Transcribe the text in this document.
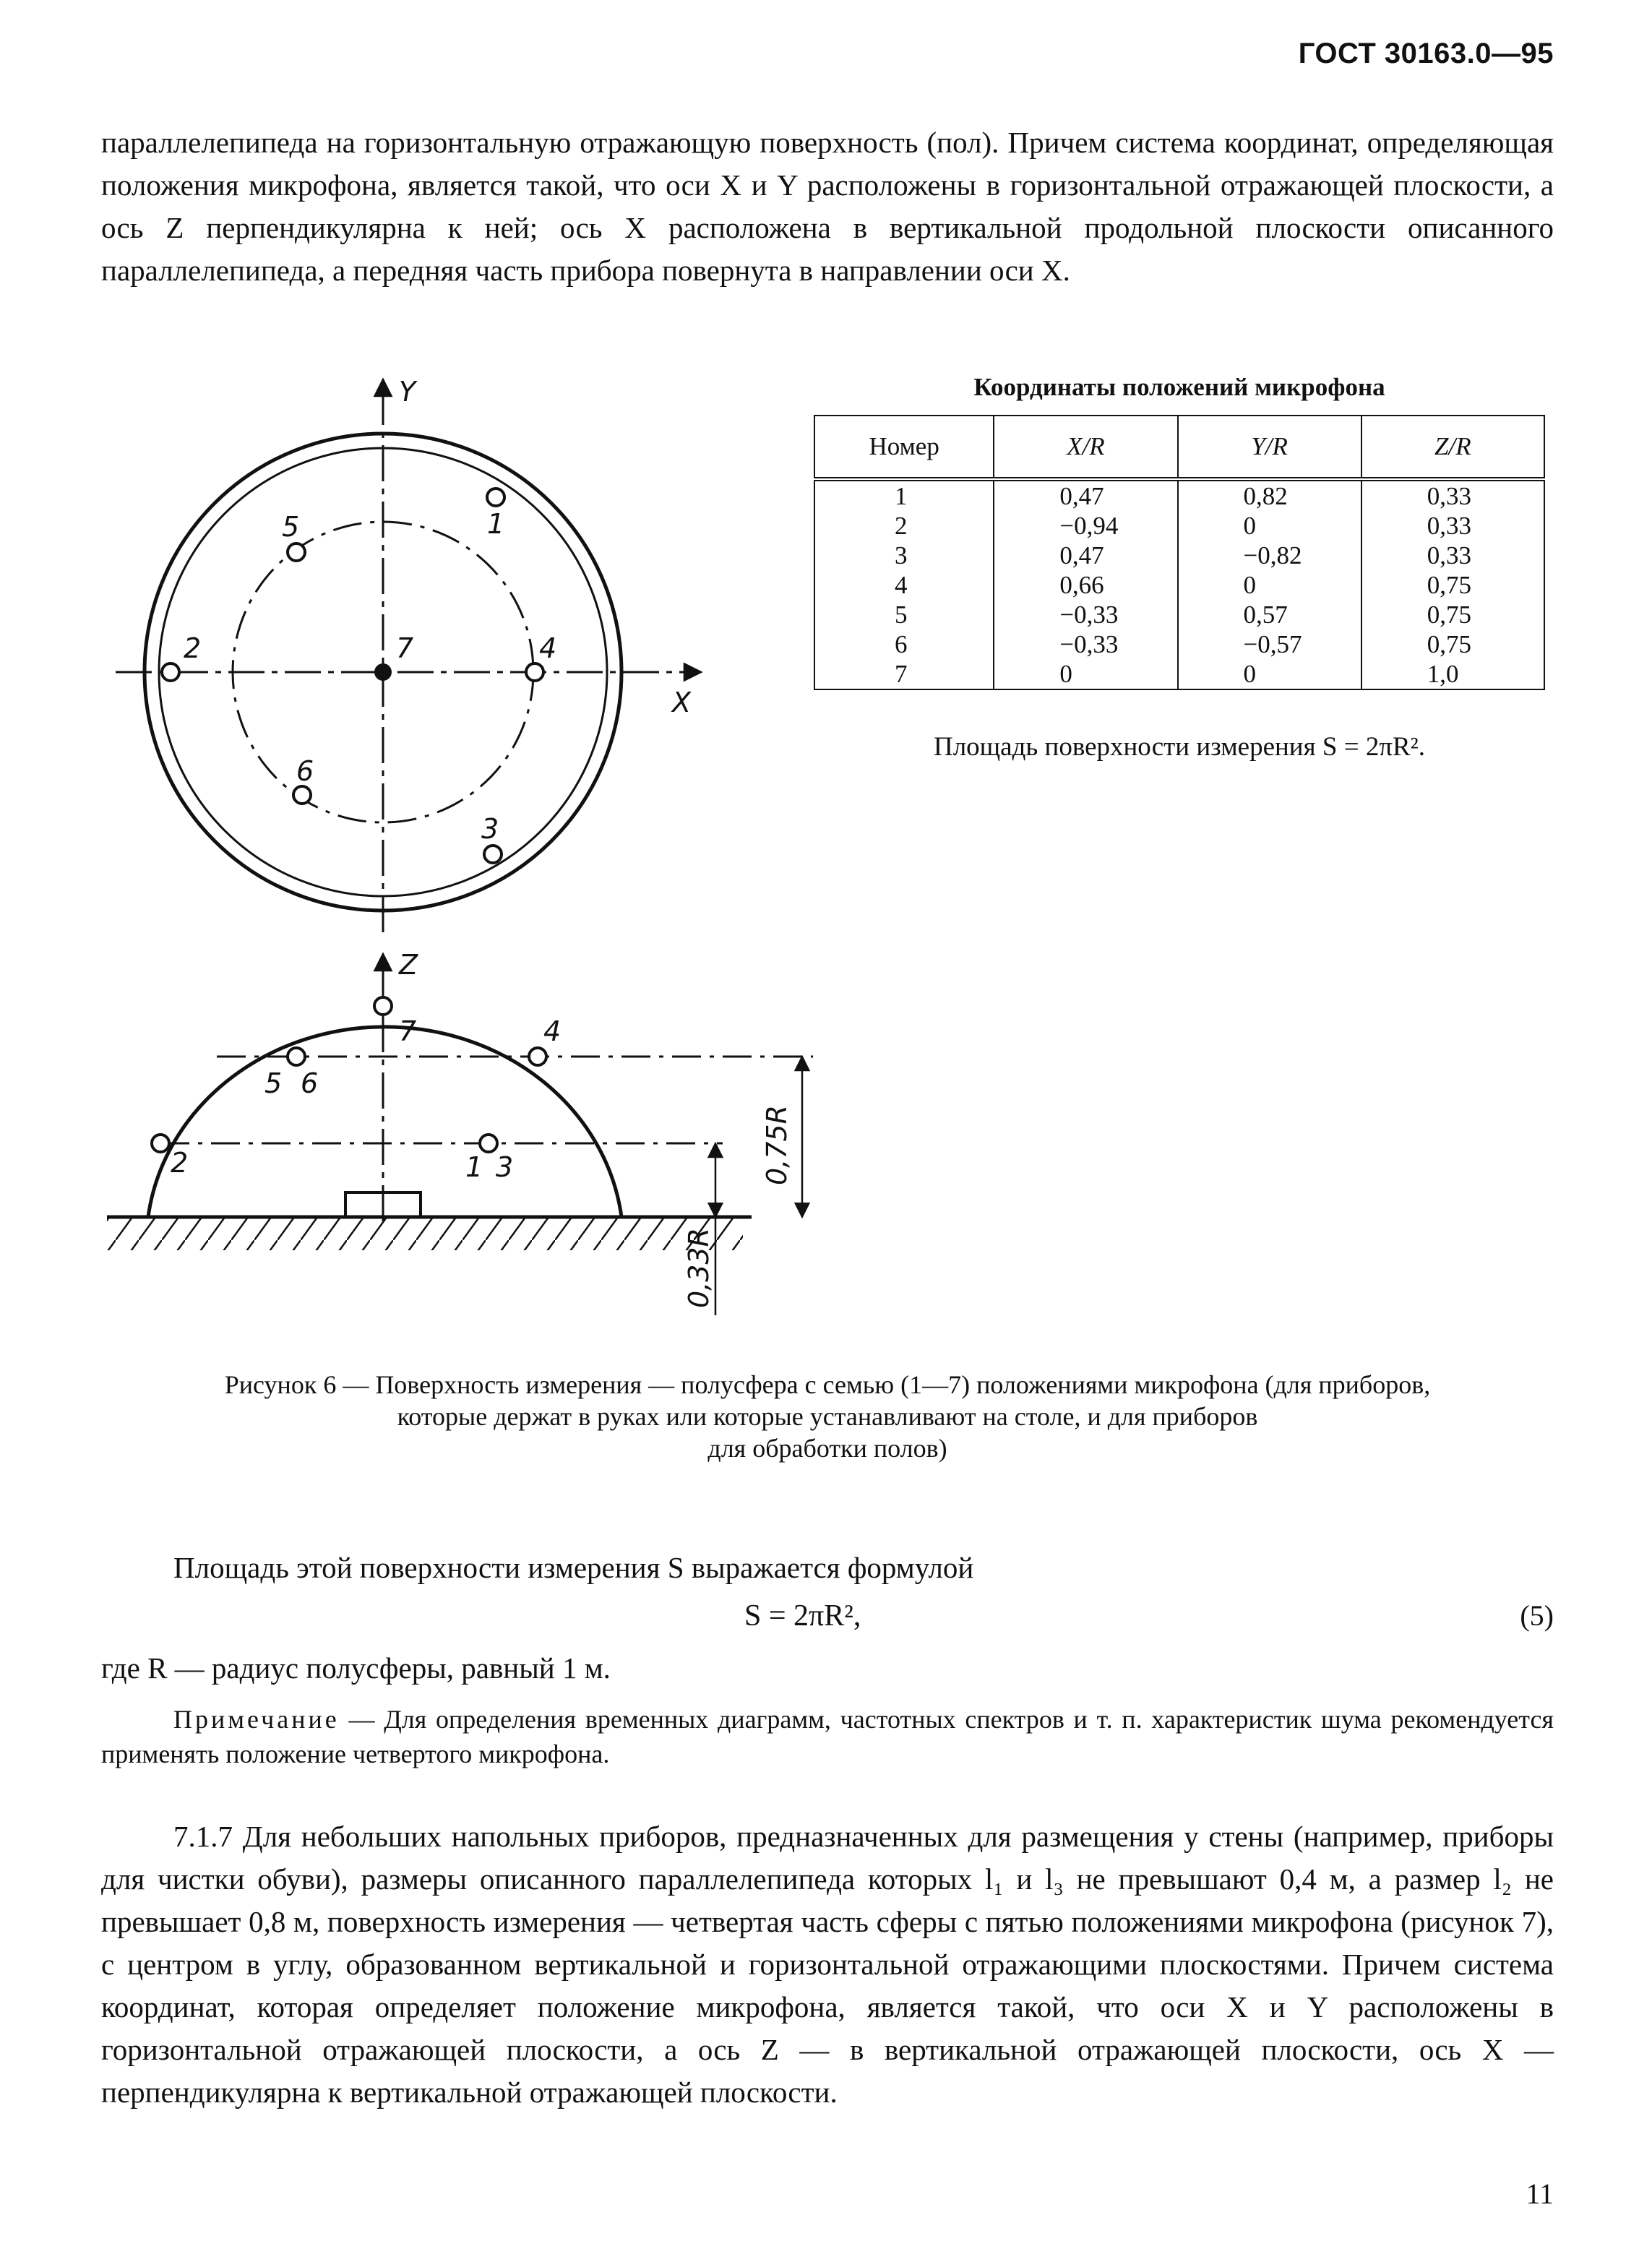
ГОСТ 30163.0—95
параллелепипеда на горизонтальную отражающую поверхность (пол). Причем система координат, определяющая положения микрофона, является такой, что оси X и Y расположены в горизонтальной отражающей плоскости, а ось Z перпендикулярна к ней; ось X расположена в вертикальной продольной плоскости описанного параллелепипеда, а передняя часть прибора повернута в направлении оси X.
Y
X
1
5
2	7	4
6
3
Z
7	4
5 6
2	1 3	0,75R
0,33R
Координаты положений микрофона
Номер	X/R	Y/R	Z/R
1	0,47	0,82	0,33
2	−0,94	0	0,33
3	0,47	−0,82	0,33
4	0,66	0	0,75
5	−0,33	0,57	0,75
6	−0,33	−0,57	0,75
7	0	0	1,0
Площадь поверхности измерения S = 2πR².
Рисунок 6 — Поверхность измерения — полусфера с семью (1—7) положениями микрофона (для приборов,
которые держат в руках или которые устанавливают на столе, и для приборов
для обработки полов)
Площадь этой поверхности измерения S выражается формулой
S = 2πR²,	(5)
где R — радиус полусферы, равный 1 м.
Примечание — Для определения временных диаграмм, частотных спектров и т. п. характеристик шума рекомендуется применять положение четвертого микрофона.
7.1.7 Для небольших напольных приборов, предназначенных для размещения у стены (например, приборы для чистки обуви), размеры описанного параллелепипеда которых l₁ и l₃ не превышают 0,4 м, а размер l₂ не превышает 0,8 м, поверхность измерения — четвертая часть сферы с пятью положениями микрофона (рисунок 7), с центром в углу, образованном вертикальной и горизонтальной отражающими плоскостями. Причем система координат, которая определяет положение микрофона, является такой, что оси X и Y расположены в горизонтальной отражающей плоскости, а ось Z — в вертикальной отражающей плоскости, ось X — перпендикулярна к вертикальной отражающей плоскости.
11
